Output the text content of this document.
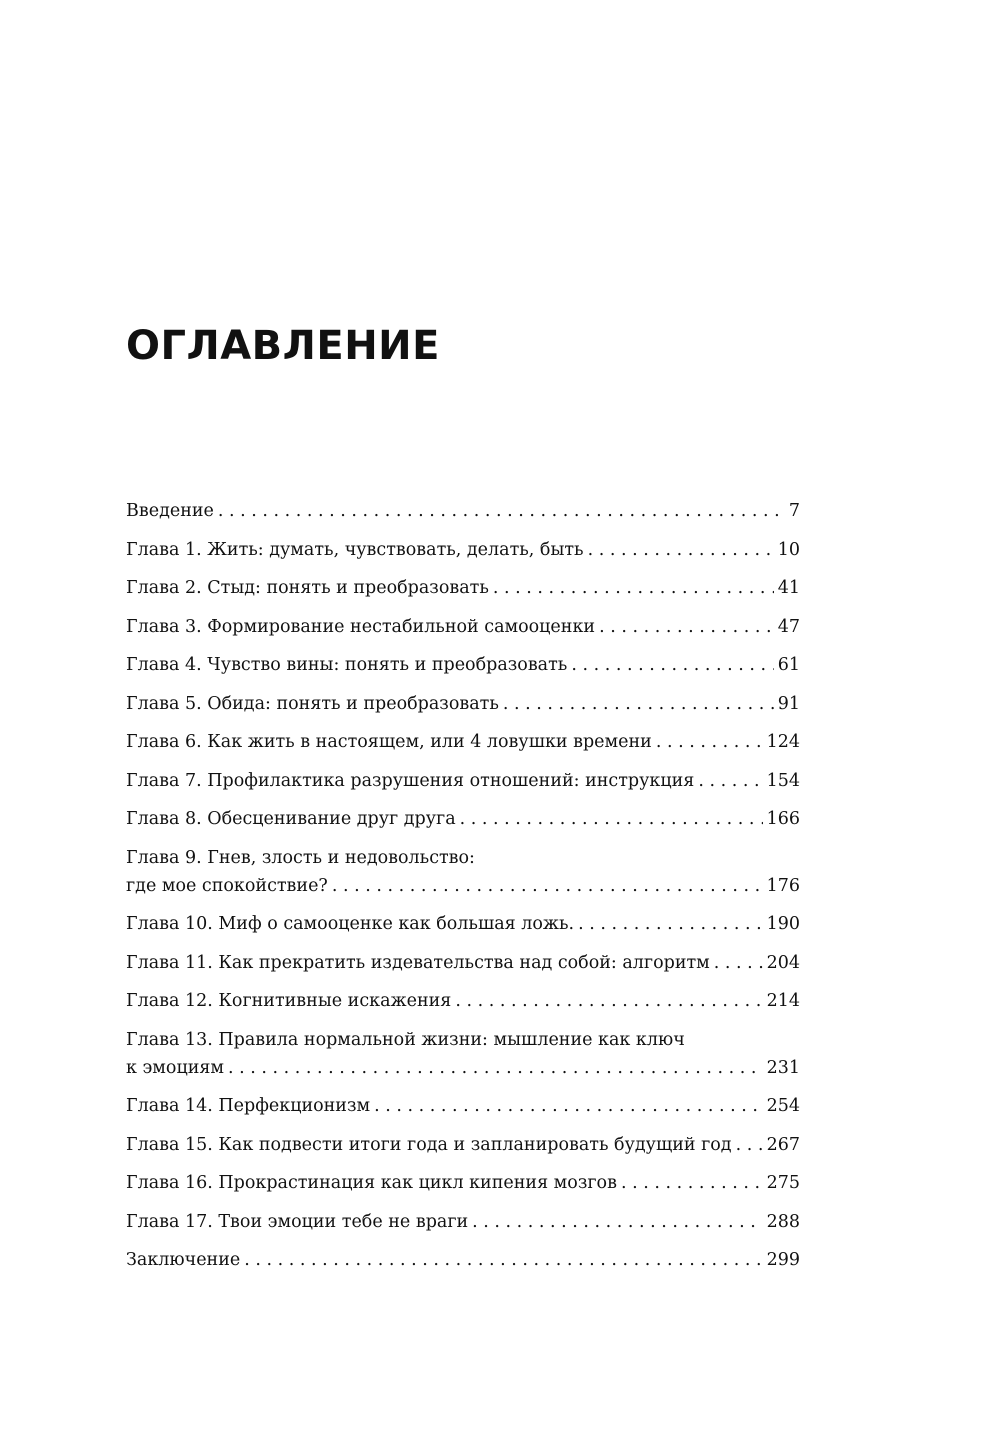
ОГЛАВЛЕНИЕ
Введение . . .	7
Глава 1. Жить: думать, чувствовать, делать, быть . . .	10
Глава 2. Стыд: понять и преобразовать . . .	41
Глава 3. Формирование нестабильной самооценки . . .	47
Глава 4. Чувство вины: понять и преобразовать . . .	61
Глава 5. Обида: понять и преобразовать . . .	91
Глава 6. Как жить в настоящем, или 4 ловушки времени . . .	124
Глава 7. Профилактика разрушения отношений: инструкция . . .	154
Глава 8. Обесценивание друг друга . . .	166
Глава 9. Гнев, злость и недовольство:
где мое спокойствие? . . .	176
Глава 10. Миф о самооценке как большая ложь. . . .	190
Глава 11. Как прекратить издевательства над собой: алгоритм . . .	204
Глава 12. Когнитивные искажения . . .	214
Глава 13. Правила нормальной жизни: мышление как ключ
к эмоциям . . .	231
Глава 14. Перфекционизм . . .	254
Глава 15. Как подвести итоги года и запланировать будущий год . . . 267
Глава 16. Прокрастинация как цикл кипения мозгов . . .	275
Глава 17. Твои эмоции тебе не враги . . .	288
Заключение . . .	299
